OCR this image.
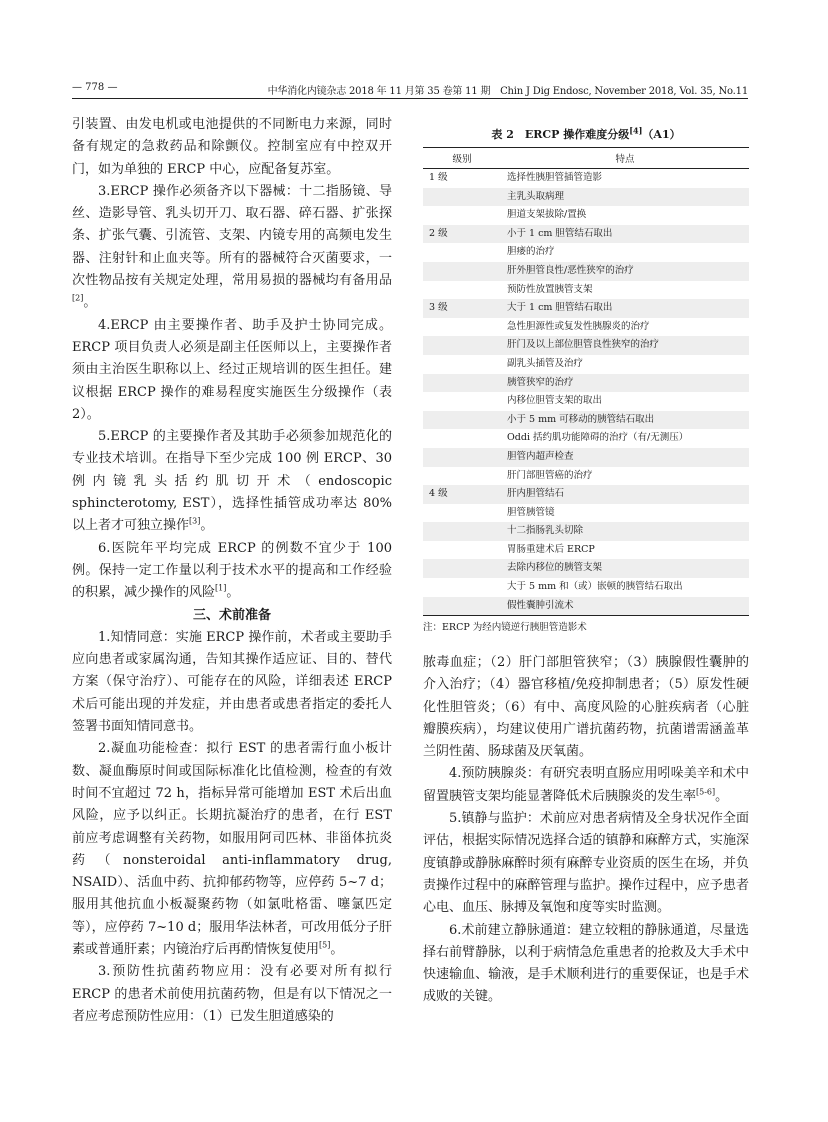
— 778 —	中华消化内镜杂志 2018 年 11 月第 35 卷第 11 期　Chin J Dig Endosc, November 2018, Vol. 35, No.11

引装置、由发电机或电池提供的不同断电力来源，同时备有规定的急救药品和除颤仪。控制室应有中控双开门，如为单独的 ERCP 中心，应配备复苏室。

3.ERCP 操作必须备齐以下器械：十二指肠镜、导丝、造影导管、乳头切开刀、取石器、碎石器、扩张探条、扩张气囊、引流管、支架、内镜专用的高频电发生器、注射针和止血夹等。所有的器械符合灭菌要求，一次性物品按有关规定处理，常用易损的器械均有备用品[2]。

4.ERCP 由主要操作者、助手及护士协同完成。ERCP 项目负责人必须是副主任医师以上，主要操作者须由主治医生职称以上、经过正规培训的医生担任。建议根据 ERCP 操作的难易程度实施医生分级操作（表 2）。

5.ERCP 的主要操作者及其助手必须参加规范化的专业技术培训。在指导下至少完成 100 例 ERCP、30 例内镜乳头括约肌切开术（endoscopic sphincterotomy, EST），选择性插管成功率达 80% 以上者才可独立操作[3]。

6.医院年平均完成 ERCP 的例数不宜少于 100 例。保持一定工作量以利于技术水平的提高和工作经验的积累，减少操作的风险[1]。

三、术前准备

1.知情同意：实施 ERCP 操作前，术者或主要助手应向患者或家属沟通，告知其操作适应证、目的、替代方案（保守治疗）、可能存在的风险，详细表述 ERCP 术后可能出现的并发症，并由患者或患者指定的委托人签署书面知情同意书。

2.凝血功能检查：拟行 EST 的患者需行血小板计数、凝血酶原时间或国际标准化比值检测，检查的有效时间不宜超过 72 h，指标异常可能增加 EST 术后出血风险，应予以纠正。长期抗凝治疗的患者，在行 EST 前应考虑调整有关药物，如服用阿司匹林、非甾体抗炎药（nonsteroidal anti-inflammatory drug, NSAID）、活血中药、抗抑郁药物等，应停药 5~7 d；服用其他抗血小板凝聚药物（如氯吡格雷、噻氯匹定等），应停药 7~10 d；服用华法林者，可改用低分子肝素或普通肝素；内镜治疗后再酌情恢复使用[5]。

3.预防性抗菌药物应用：没有必要对所有拟行 ERCP 的患者术前使用抗菌药物，但是有以下情况之一者应考虑预防性应用：（1）已发生胆道感染的

表 2　ERCP 操作难度分级[4]（A1）
级别	特点
1 级	选择性胰胆管插管造影
	主乳头取病理
	胆道支架拔除/置换
2 级	小于 1 cm 胆管结石取出
	胆瘘的治疗
	肝外胆管良性/恶性狭窄的治疗
	预防性放置胰管支架
3 级	大于 1 cm 胆管结石取出
	急性胆源性或复发性胰腺炎的治疗
	肝门及以上部位胆管良性狭窄的治疗
	副乳头插管及治疗
	胰管狭窄的治疗
	内移位胆管支架的取出
	小于 5 mm 可移动的胰管结石取出
	Oddi 括约肌功能障碍的治疗（有/无测压）
	胆管内超声检查
	肝门部胆管癌的治疗
4 级	肝内胆管结石
	胆管胰管镜
	十二指肠乳头切除
	胃肠重建术后 ERCP
	去除内移位的胰管支架
	大于 5 mm 和（或）嵌顿的胰管结石取出
	假性囊肿引流术
注：ERCP 为经内镜逆行胰胆管造影术

脓毒血症；（2）肝门部胆管狭窄；（3）胰腺假性囊肿的介入治疗；（4）器官移植/免疫抑制患者；（5）原发性硬化性胆管炎；（6）有中、高度风险的心脏疾病者（心脏瓣膜疾病），均建议使用广谱抗菌药物，抗菌谱需涵盖革兰阴性菌、肠球菌及厌氧菌。

4.预防胰腺炎：有研究表明直肠应用吲哚美辛和术中留置胰管支架均能显著降低术后胰腺炎的发生率[5-6]。

5.镇静与监护：术前应对患者病情及全身状况作全面评估，根据实际情况选择合适的镇静和麻醉方式，实施深度镇静或静脉麻醉时须有麻醉专业资质的医生在场，并负责操作过程中的麻醉管理与监护。操作过程中，应予患者心电、血压、脉搏及氧饱和度等实时监测。

6.术前建立静脉通道：建立较粗的静脉通道，尽量选择右前臂静脉，以利于病情急危重患者的抢救及大手术中快速输血、输液，是手术顺利进行的重要保证，也是手术成败的关键。
